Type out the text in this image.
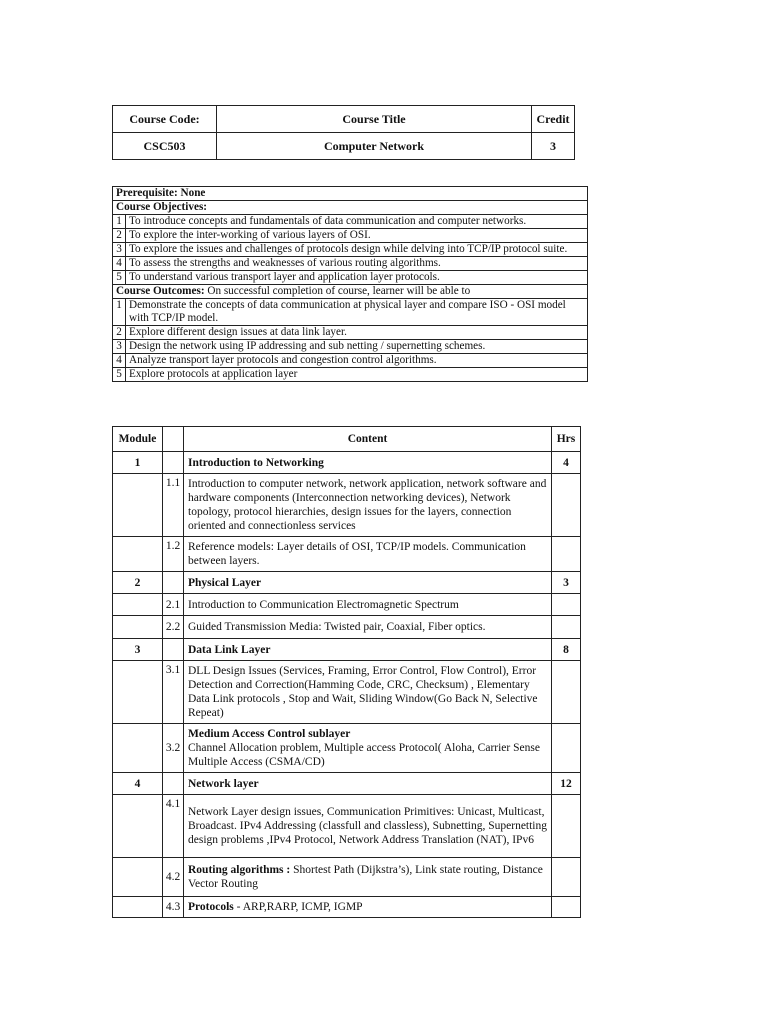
Course Code:	Course Title	Credit
CSC503	Computer Network	3
Prerequisite: None	
Course Objectives:	
1	To introduce concepts and fundamentals of data communication and computer networks.
2	To explore the inter-working of various layers of OSI.
3	To explore the issues and challenges of protocols design while delving into TCP/IP protocol suite.
4	To assess the strengths and weaknesses of various routing algorithms.
5	To understand various transport layer and application layer protocols.
Course Outcomes: On successful completion of course, learner will be able to	
1	Demonstrate the concepts of data communication at physical layer and compare ISO - OSI model with TCP/IP model.
2	Explore different design issues at data link layer.
3	Design the network using IP addressing and sub netting / supernetting schemes.
4	Analyze transport layer protocols and congestion control algorithms.
5	Explore protocols at application layer
Module		Content	Hrs
1		Introduction to Networking	4
	1.1	Introduction to computer network, network application, network software and hardware components (Interconnection networking devices), Network topology, protocol hierarchies, design issues for the layers, connection oriented and connectionless services	
	1.2	Reference models: Layer details of OSI, TCP/IP models. Communication between layers.	
2		Physical Layer	3
	2.1	Introduction to Communication Electromagnetic Spectrum	
	2.2	Guided Transmission Media: Twisted pair, Coaxial, Fiber optics.	
3		Data Link Layer	8
	3.1	DLL Design Issues (Services, Framing, Error Control, Flow Control), Error Detection and Correction(Hamming Code, CRC, Checksum) , Elementary Data Link protocols , Stop and Wait, Sliding Window(Go Back N, Selective Repeat)	
	3.2	Medium Access Control sublayer
Channel Allocation problem, Multiple access Protocol( Aloha, Carrier Sense Multiple Access (CSMA/CD)	
4		Network layer	12
	4.1	Network Layer design issues, Communication Primitives: Unicast, Multicast, Broadcast. IPv4 Addressing (classfull and classless), Subnetting, Supernetting design problems ,IPv4 Protocol, Network Address Translation (NAT), IPv6	
	4.2	Routing algorithms : Shortest Path (Dijkstra’s), Link state routing, Distance Vector Routing	
	4.3	Protocols - ARP,RARP, ICMP, IGMP	
